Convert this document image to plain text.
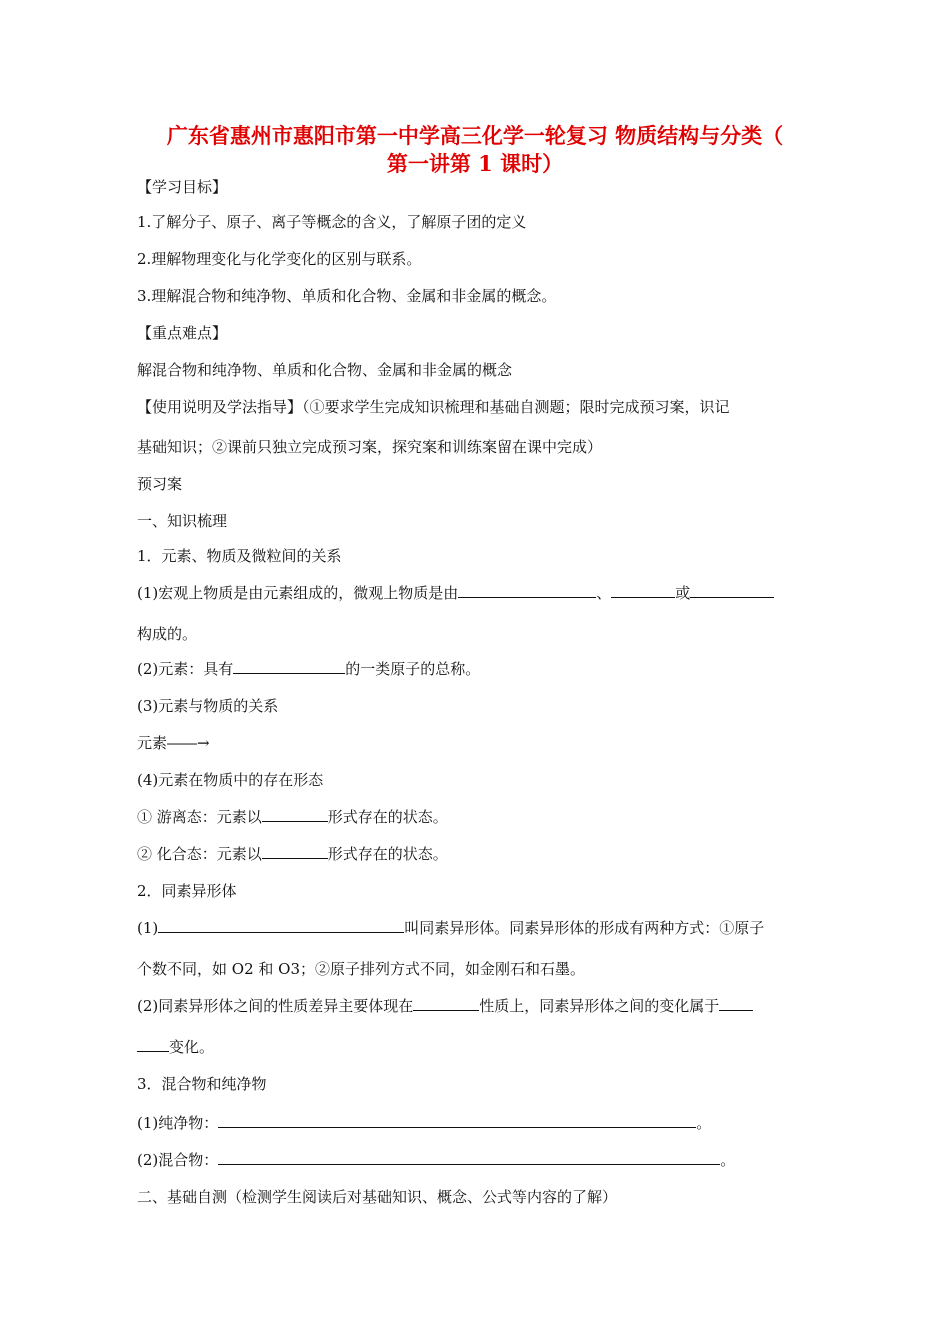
广东省惠州市惠阳市第一中学高三化学一轮复习 物质结构与分类（
第一讲第 1 课时）
【学习目标】
1.了解分子、原子、离子等概念的含义，了解原子团的定义
2.理解物理变化与化学变化的区别与联系。
3.理解混合物和纯净物、单质和化合物、金属和非金属的概念。
【重点难点】
解混合物和纯净物、单质和化合物、金属和非金属的概念
【使用说明及学法指导】（①要求学生完成知识梳理和基础自测题；限时完成预习案，识记
基础知识；②课前只独立完成预习案，探究案和训练案留在课中完成）
预习案
一、知识梳理
1．元素、物质及微粒间的关系
(1)宏观上物质是由元素组成的，微观上物质是由	、	或
构成的。
(2)元素：具有	的一类原子的总称。
(3)元素与物质的关系
元素――→
(4)元素在物质中的存在形态
① 游离态：元素以	形式存在的状态。
② 化合态：元素以	形式存在的状态。
2．同素异形体
(1)	叫同素异形体。同素异形体的形成有两种方式：①原子
个数不同，如 O2 和 O3；②原子排列方式不同，如金刚石和石墨。
(2)同素异形体之间的性质差异主要体现在	性质上，同素异形体之间的变化属于
变化。
3．混合物和纯净物
(1)纯净物：	。
(2)混合物：	。
二、基础自测（检测学生阅读后对基础知识、概念、公式等内容的了解）
